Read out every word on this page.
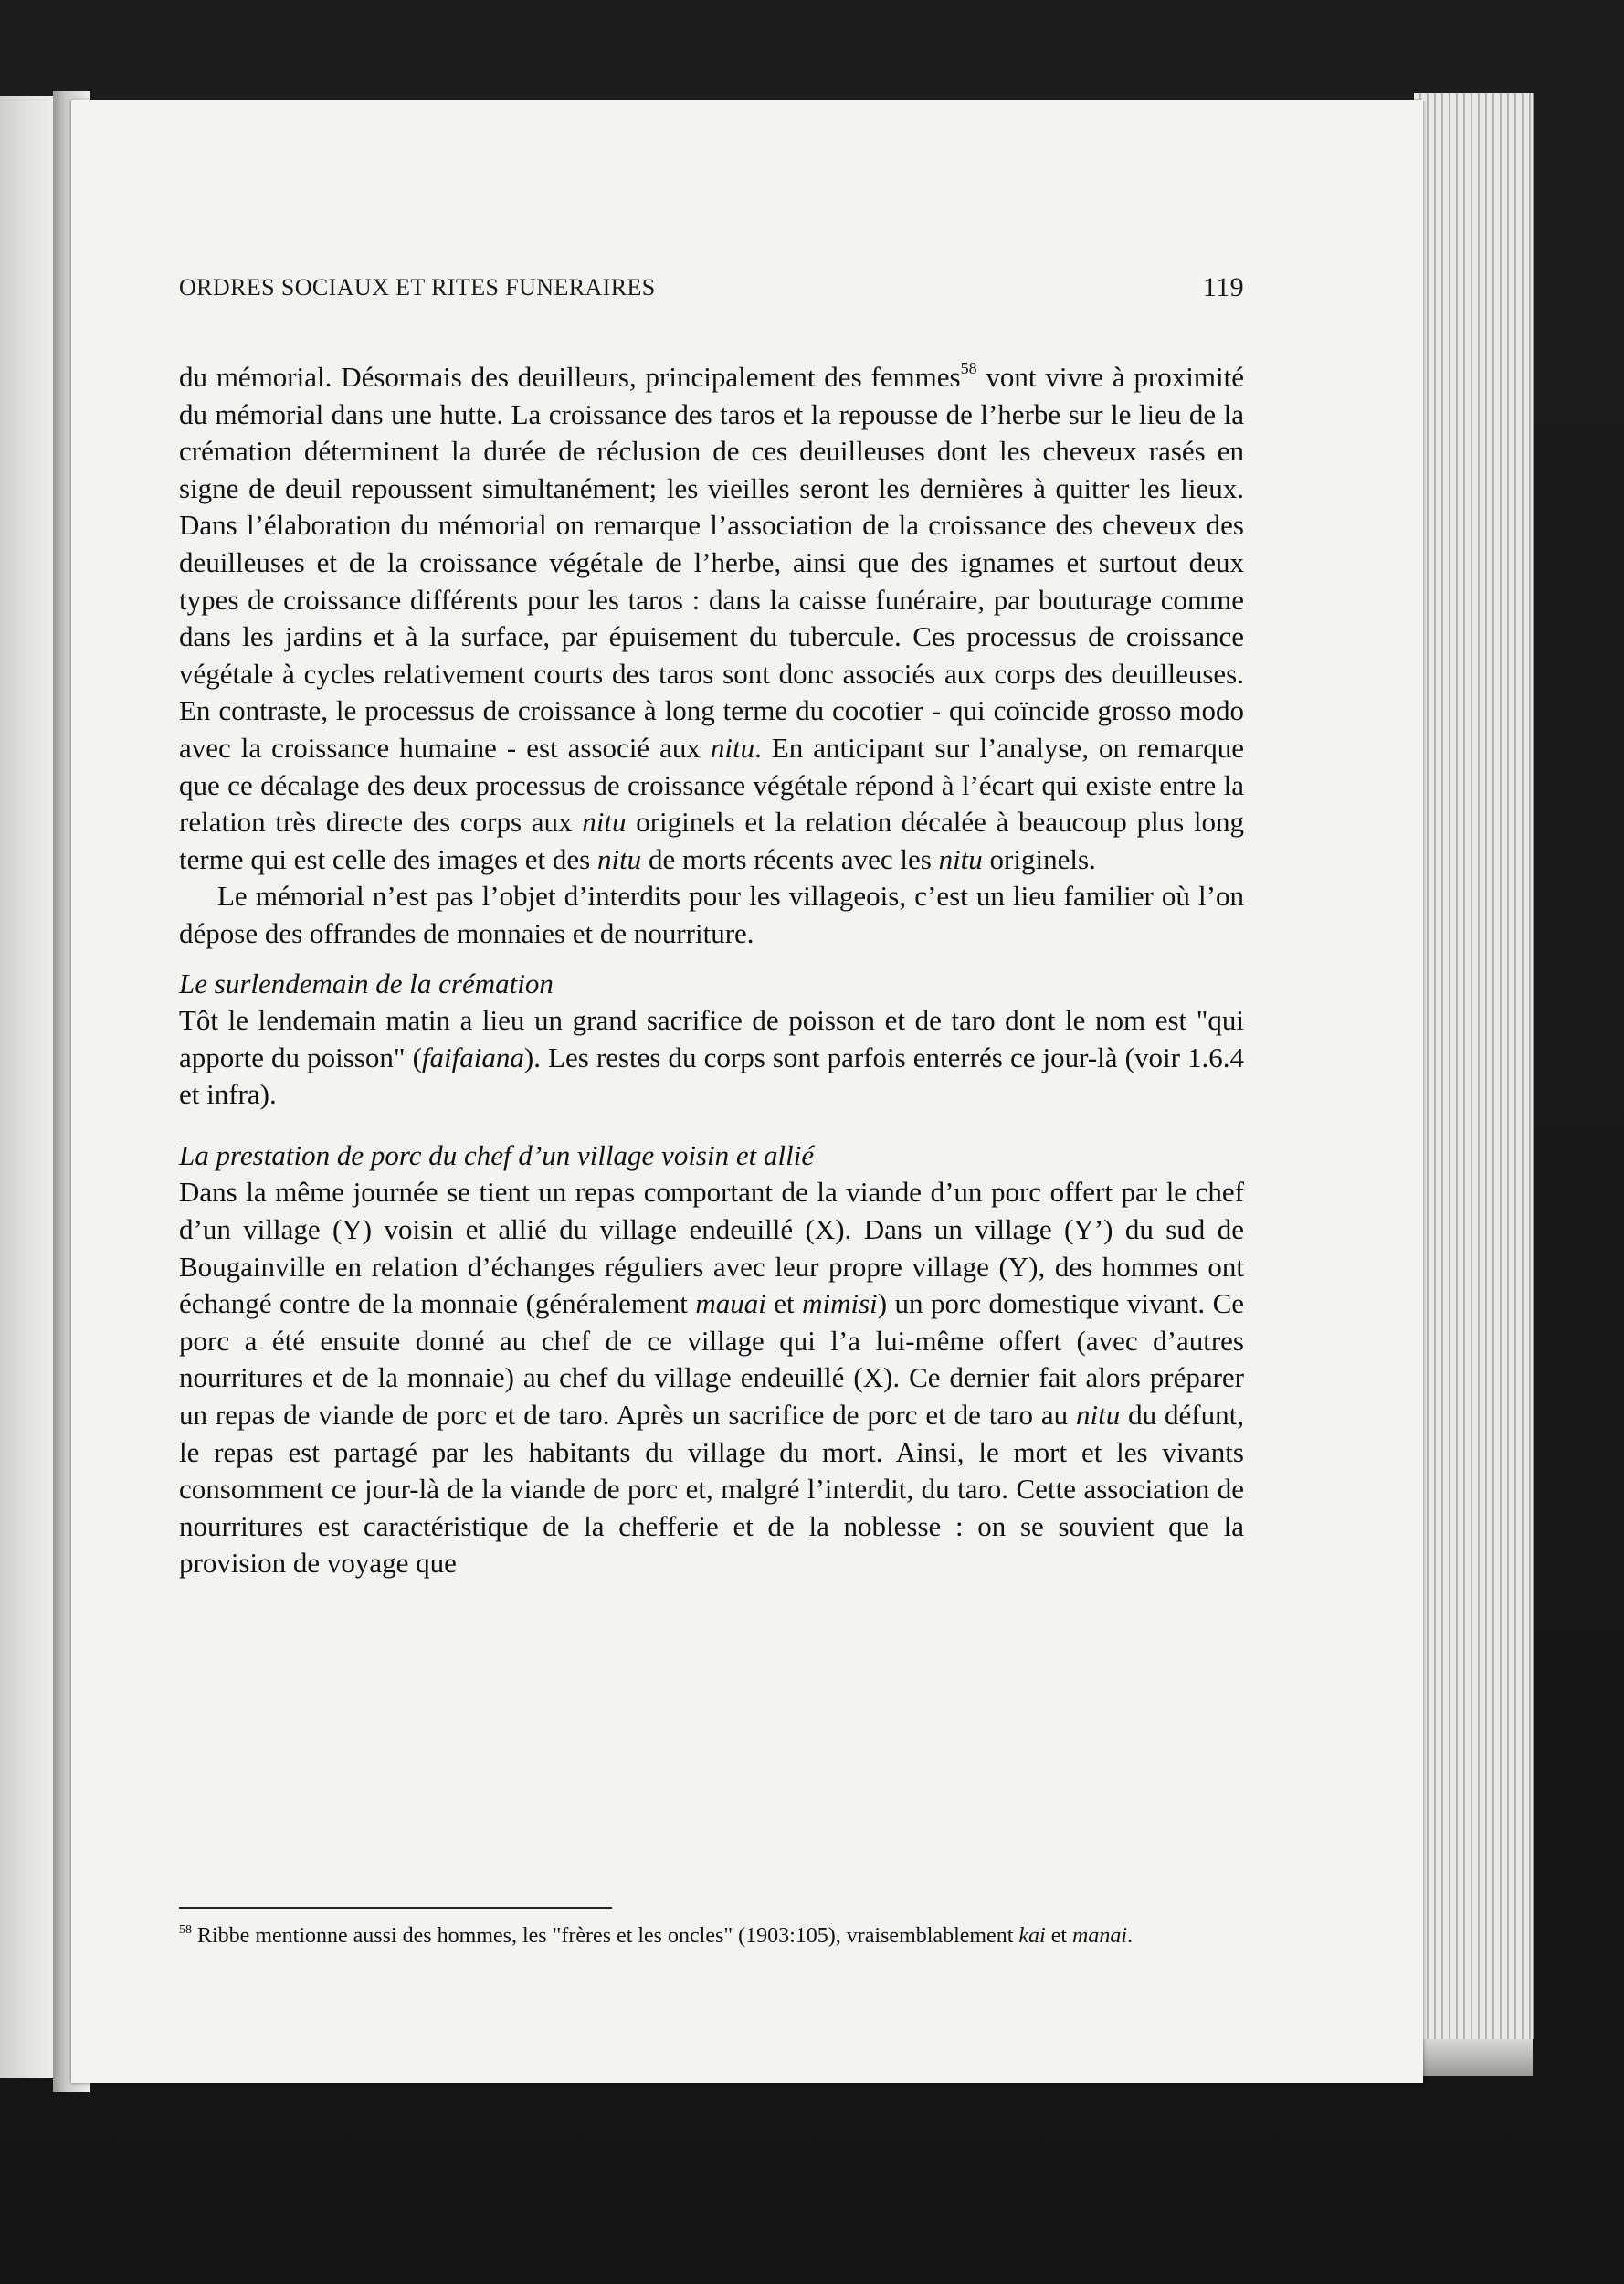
ORDRES SOCIAUX ET RITES FUNERAIRES	119

du mémorial. Désormais des deuilleurs, principalement des femmes$^{58}$ vont vivre à proximité du mémorial dans une hutte. La croissance des taros et la repousse de l’herbe sur le lieu de la crémation déterminent la durée de réclusion de ces deuilleuses dont les cheveux rasés en signe de deuil repoussent simultanément; les vieilles seront les dernières à quitter les lieux. Dans l’élaboration du mémorial on remarque l’association de la croissance des cheveux des deuilleuses et de la croissance végétale de l’herbe, ainsi que des ignames et surtout deux types de croissance différents pour les taros : dans la caisse funéraire, par bouturage comme dans les jardins et à la surface, par épuisement du tubercule. Ces processus de croissance végétale à cycles relativement courts des taros sont donc associés aux corps des deuilleuses. En contraste, le processus de croissance à long terme du cocotier - qui coïncide grosso modo avec la croissance humaine - est associé aux nitu. En anticipant sur l’analyse, on remarque que ce décalage des deux processus de croissance végétale répond à l’écart qui existe entre la relation très directe des corps aux nitu originels et la relation décalée à beaucoup plus long terme qui est celle des images et des nitu de morts récents avec les nitu originels.

Le mémorial n’est pas l’objet d’interdits pour les villageois, c’est un lieu familier où l’on dépose des offrandes de monnaies et de nourriture.

Le surlendemain de la crémation

Tôt le lendemain matin a lieu un grand sacrifice de poisson et de taro dont le nom est "qui apporte du poisson" (faifaiana). Les restes du corps sont parfois enterrés ce jour-là (voir 1.6.4 et infra).

La prestation de porc du chef d’un village voisin et allié

Dans la même journée se tient un repas comportant de la viande d’un porc offert par le chef d’un village (Y) voisin et allié du village endeuillé (X). Dans un village (Y’) du sud de Bougainville en relation d’échanges réguliers avec leur propre village (Y), des hommes ont échangé contre de la monnaie (généralement mauai et mimisi) un porc domestique vivant. Ce porc a été ensuite donné au chef de ce village qui l’a lui-même offert (avec d’autres nourritures et de la monnaie) au chef du village endeuillé (X). Ce dernier fait alors préparer un repas de viande de porc et de taro. Après un sacrifice de porc et de taro au nitu du défunt, le repas est partagé par les habitants du village du mort. Ainsi, le mort et les vivants consomment ce jour-là de la viande de porc et, malgré l’interdit, du taro. Cette association de nourritures est caractéristique de la chefferie et de la noblesse : on se souvient que la provision de voyage que

$^{58}$ Ribbe mentionne aussi des hommes, les "frères et les oncles" (1903:105), vraisemblablement kai et manai.
